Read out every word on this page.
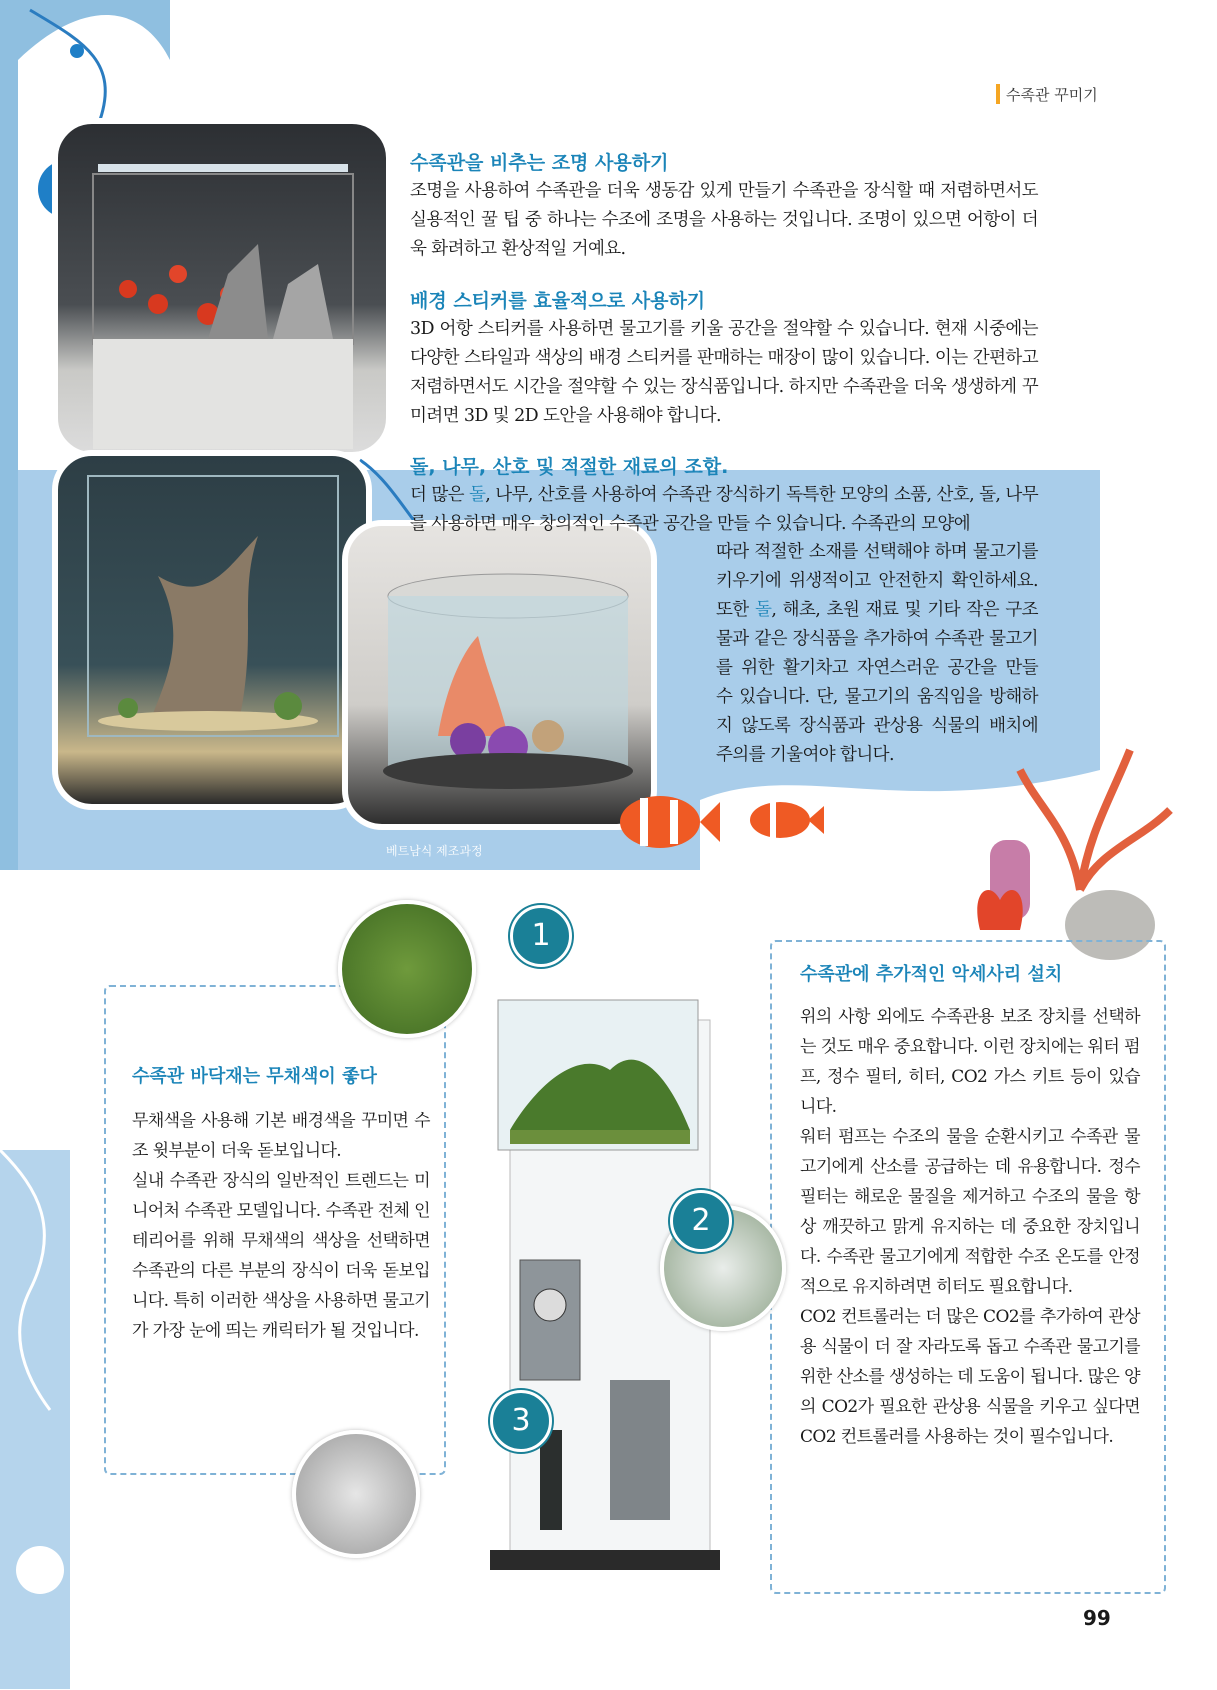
수족관 꾸미기
베트남식 제조과정
수족관을 비추는 조명 사용하기

조명을 사용하여 수족관을 더욱 생동감 있게 만들기 수족관을 장식할 때 저렴하면서도 실용적인 꿀 팁 중 하나는 수조에 조명을 사용하는 것입니다. 조명이 있으면 어항이 더욱 화려하고 환상적일 거예요.

배경 스티커를 효율적으로 사용하기

3D 어항 스티커를 사용하면 물고기를 키울 공간을 절약할 수 있습니다. 현재 시중에는 다양한 스타일과 색상의 배경 스티커를 판매하는 매장이 많이 있습니다. 이는 간편하고 저렴하면서도 시간을 절약할 수 있는 장식품입니다. 하지만 수족관을 더욱 생생하게 꾸미려면 3D 및 2D 도안을 사용해야 합니다.

돌, 나무, 산호 및 적절한 재료의 조합.

더 많은 돌, 나무, 산호를 사용하여 수족관 장식하기 독특한 모양의 소품, 산호, 돌, 나무를 사용하면 매우 창의적인 수족관 공간을 만들 수 있습니다. 수족관의 모양에

따라 적절한 소재를 선택해야 하며 물고기를 키우기에 위생적이고 안전한지 확인하세요. 또한 돌, 해초, 초원 재료 및 기타 작은 구조물과 같은 장식품을 추가하여 수족관 물고기를 위한 활기차고 자연스러운 공간을 만들 수 있습니다. 단, 물고기의 움직임을 방해하지 않도록 장식품과 관상용 식물의 배치에 주의를 기울여야 합니다.

수족관 바닥재는 무채색이 좋다

무채색을 사용해 기본 배경색을 꾸미면 수조 윗부분이 더욱 돋보입니다.
실내 수족관 장식의 일반적인 트렌드는 미니어처 수족관 모델입니다. 수족관 전체 인테리어를 위해 무채색의 색상을 선택하면 수족관의 다른 부분의 장식이 더욱 돋보입니다. 특히 이러한 색상을 사용하면 물고기가 가장 눈에 띄는 캐릭터가 될 것입니다.

수족관에 추가적인 악세사리 설치

위의 사항 외에도 수족관용 보조 장치를 선택하는 것도 매우 중요합니다. 이런 장치에는 워터 펌프, 정수 필터, 히터, CO2 가스 키트 등이 있습니다.
워터 펌프는 수조의 물을 순환시키고 수족관 물고기에게 산소를 공급하는 데 유용합니다. 정수 필터는 해로운 물질을 제거하고 수조의 물을 항상 깨끗하고 맑게 유지하는 데 중요한 장치입니다. 수족관 물고기에게 적합한 수조 온도를 안정적으로 유지하려면 히터도 필요합니다.
CO2 컨트롤러는 더 많은 CO2를 추가하여 관상용 식물이 더 잘 자라도록 돕고 수족관 물고기를 위한 산소를 생성하는 데 도움이 됩니다. 많은 양의 CO2가 필요한 관상용 식물을 키우고 싶다면 CO2 컨트롤러를 사용하는 것이 필수입니다.

1
2
3
99
